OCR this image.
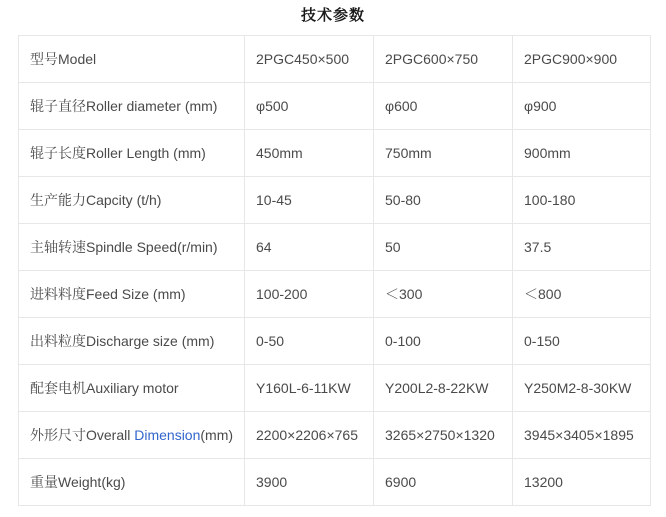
技术参数
型号Model	2PGC450×500	2PGC600×750	2PGC900×900
辊子直径Roller diameter (mm)	φ500	φ600	φ900
辊子长度Roller Length (mm)	450mm	750mm	900mm
生产能力Capcity (t/h)	10-45	50-80	100-180
主轴转速Spindle Speed(r/min)	64	50	37.5
进料料度Feed Size (mm)	100-200	＜300	＜800
出料粒度Discharge size (mm)	0-50	0-100	0-150
配套电机Auxiliary motor	Y160L-6-11KW	Y200L2-8-22KW	Y250M2-8-30KW
外形尺寸Overall Dimension(mm)	2200×2206×765	3265×2750×1320	3945×3405×1895
重量Weight(kg)	3900	6900	13200
